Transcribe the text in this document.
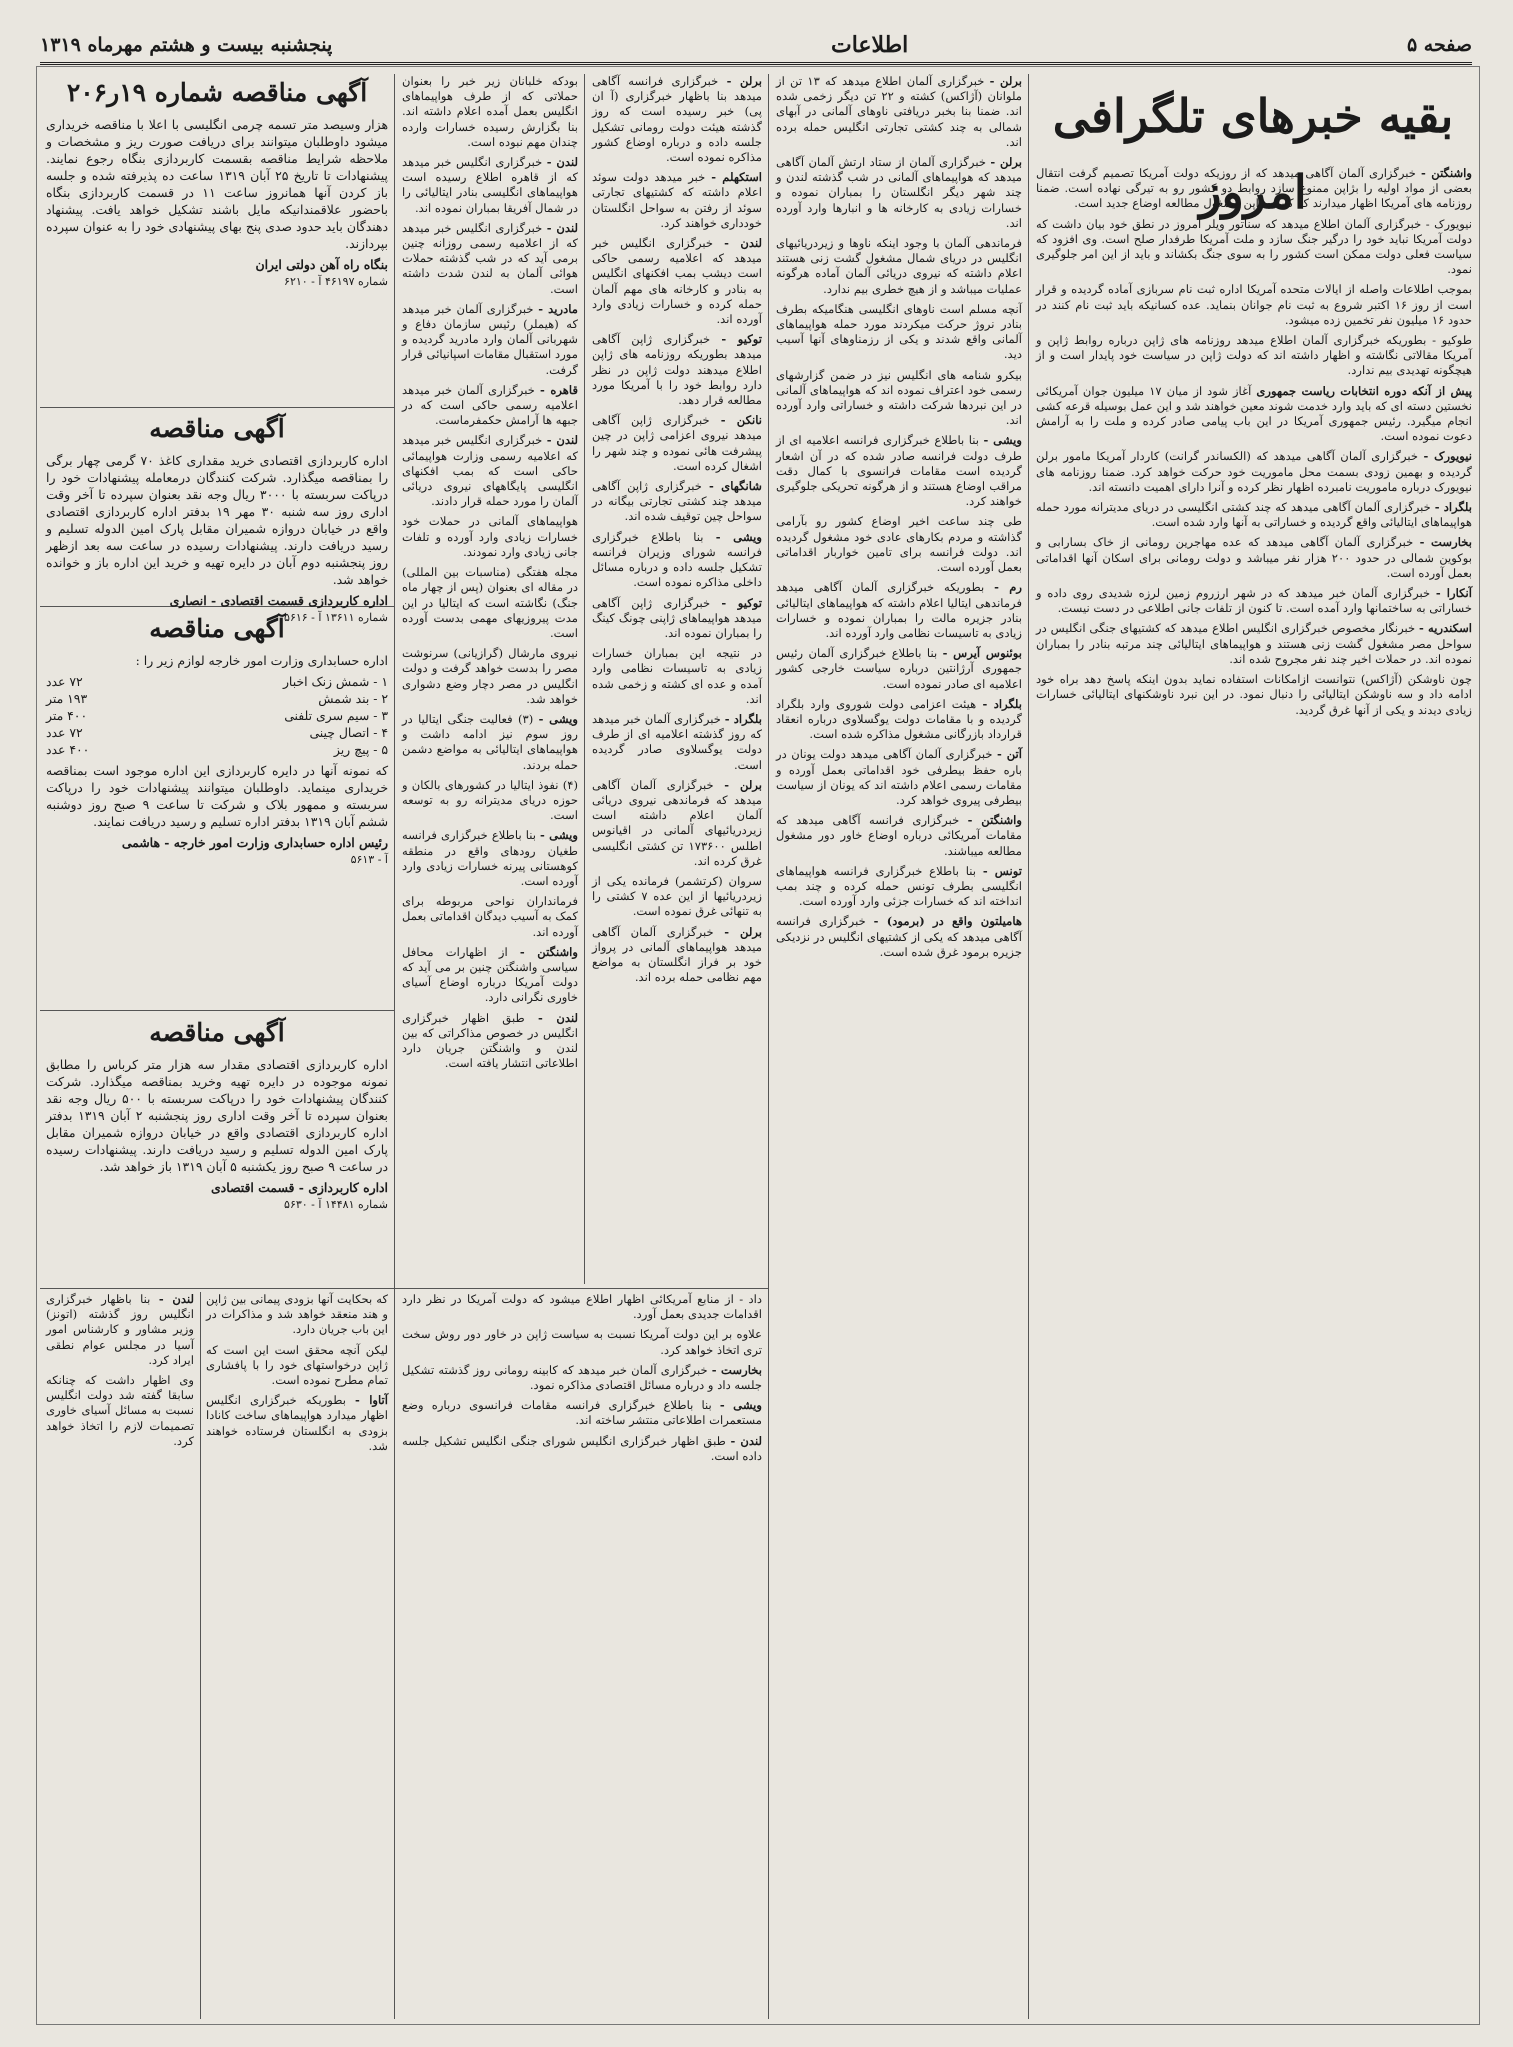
صفحه ۵
اطلاعات
پنجشنبه بیست و هشتم مهرماه ۱۳۱۹
بقیه خبرهای تلگرافی امروز	واشنگتن - خبرگزاری آلمان آگاهی میدهد که از روزیکه دولت آمریکا تصمیم گرفت انتقال بعضی از مواد اولیه را بژاپن ممنوع سازد روابط دو کشور رو به تیرگی نهاده است. ضمنا روزنامه های آمریکا اظهار میدارند که کابینه ژاپن مشغول مطالعه اوضاع جدید است.

نیویورک - خبرگزاری آلمان اطلاع میدهد که سناتور ویلر امروز در نطق خود بیان داشت که دولت آمریکا نباید خود را درگیر جنگ سازد و ملت آمریکا طرفدار صلح است. وی افزود که سیاست فعلی دولت ممکن است کشور را به سوی جنگ بکشاند و باید از این امر جلوگیری نمود.

بموجب اطلاعات واصله از ایالات متحده آمریکا اداره ثبت نام سربازی آماده گردیده و قرار است از روز ۱۶ اکتبر شروع به ثبت نام جوانان بنماید. عده کسانیکه باید ثبت نام کنند در حدود ۱۶ میلیون نفر تخمین زده میشود.

طوکیو - بطوریکه خبرگزاری آلمان اطلاع میدهد روزنامه های ژاپن درباره روابط ژاپن و آمریکا مقالاتی نگاشته و اظهار داشته اند که دولت ژاپن در سیاست خود پایدار است و از هیچگونه تهدیدی بیم ندارد.

پیش از آنکه دوره انتخابات ریاست جمهوری آغاز شود از میان ۱۷ میلیون جوان آمریکائی نخستین دسته ای که باید وارد خدمت شوند معین خواهند شد و این عمل بوسیله قرعه کشی انجام میگیرد. رئیس جمهوری آمریکا در این باب پیامی صادر کرده و ملت را به آرامش دعوت نموده است.

نیویورک - خبرگزاری آلمان آگاهی میدهد که (الکساندر گرانت) کاردار آمریکا مامور برلن گردیده و بهمین زودی بسمت محل ماموریت خود حرکت خواهد کرد. ضمنا روزنامه های نیویورک درباره ماموریت نامبرده اظهار نظر کرده و آنرا دارای اهمیت دانسته اند.

بلگراد - خبرگزاری آلمان آگاهی میدهد که چند کشتی انگلیسی در دریای مدیترانه مورد حمله هواپیماهای ایتالیائی واقع گردیده و خساراتی به آنها وارد شده است.

بخارست - خبرگزاری آلمان آگاهی میدهد که عده مهاجرین رومانی از خاک بسارابی و بوکوین شمالی در حدود ۲۰۰ هزار نفر میباشد و دولت رومانی برای اسکان آنها اقداماتی بعمل آورده است.

آنکارا - خبرگزاری آلمان خبر میدهد که در شهر ارزروم زمین لرزه شدیدی روی داده و خساراتی به ساختمانها وارد آمده است. تا کنون از تلفات جانی اطلاعی در دست نیست.

اسکندریه - خبرنگار مخصوص خبرگزاری انگلیس اطلاع میدهد که کشتیهای جنگی انگلیس در سواحل مصر مشغول گشت زنی هستند و هواپیماهای ایتالیائی چند مرتبه بنادر را بمباران نموده اند. در حملات اخیر چند نفر مجروح شده اند.

چون ناوشکن (آژاکس) نتوانست ازامکانات استفاده نماید بدون اینکه پاسخ دهد براه خود ادامه داد و سه ناوشکن ایتالیائی را دنبال نمود. در این نبرد ناوشکنهای ایتالیائی خسارات زیادی دیدند و یکی از آنها غرق گردید.

برلن - خبرگزاری آلمان اطلاع میدهد که ۱۳ تن از ملوانان (آژاکس) کشته و ۲۲ تن دیگر زخمی شده اند. ضمنا بنا بخبر دریافتی ناوهای آلمانی در آبهای شمالی به چند کشتی تجارتی انگلیس حمله برده اند.

برلن - خبرگزاری آلمان از ستاد ارتش آلمان آگاهی میدهد که هواپیماهای آلمانی در شب گذشته لندن و چند شهر دیگر انگلستان را بمباران نموده و خسارات زیادی به کارخانه ها و انبارها وارد آورده اند.

فرماندهی آلمان با وجود اینکه ناوها و زیردریائیهای انگلیس در دریای شمال مشغول گشت زنی هستند اعلام داشته که نیروی دریائی آلمان آماده هرگونه عملیات میباشد و از هیچ خطری بیم ندارد.

آنچه مسلم است ناوهای انگلیسی هنگامیکه بطرف بنادر نروژ حرکت میکردند مورد حمله هواپیماهای آلمانی واقع شدند و یکی از رزمناوهای آنها آسیب دید.

بیکرو شنامه های انگلیس نیز در ضمن گزارشهای رسمی خود اعتراف نموده اند که هواپیماهای آلمانی در این نبردها شرکت داشته و خساراتی وارد آورده اند.

ویشی - بنا باطلاع خبرگزاری فرانسه اعلامیه ای از طرف دولت فرانسه صادر شده که در آن اشعار گردیده است مقامات فرانسوی با کمال دقت مراقب اوضاع هستند و از هرگونه تحریکی جلوگیری خواهند کرد.

طی چند ساعت اخیر اوضاع کشور رو بآرامی گذاشته و مردم بکارهای عادی خود مشغول گردیده اند. دولت فرانسه برای تامین خواربار اقداماتی بعمل آورده است.

رم - بطوریکه خبرگزاری آلمان آگاهی میدهد فرماندهی ایتالیا اعلام داشته که هواپیماهای ایتالیائی بنادر جزیره مالت را بمباران نموده و خسارات زیادی به تاسیسات نظامی وارد آورده اند.

بوئنوس آیرس - بنا باطلاع خبرگزاری آلمان رئیس جمهوری آرژانتین درباره سیاست خارجی کشور اعلامیه ای صادر نموده است.

بلگراد - هیئت اعزامی دولت شوروی وارد بلگراد گردیده و با مقامات دولت یوگسلاوی درباره انعقاد قرارداد بازرگانی مشغول مذاکره شده است.

آتن - خبرگزاری آلمان آگاهی میدهد دولت یونان در باره حفظ بیطرفی خود اقداماتی بعمل آورده و مقامات رسمی اعلام داشته اند که یونان از سیاست بیطرفی پیروی خواهد کرد.

واشنگتن - خبرگزاری فرانسه آگاهی میدهد که مقامات آمریکائی درباره اوضاع خاور دور مشغول مطالعه میباشند.

تونس - بنا باطلاع خبرگزاری فرانسه هواپیماهای انگلیسی بطرف تونس حمله کرده و چند بمب انداخته اند که خسارات جزئی وارد آورده است.

هامیلتون واقع در (برمود) - خبرگزاری فرانسه آگاهی میدهد که یکی از کشتیهای انگلیس در نزدیکی جزیره برمود غرق شده است.

برلن - خبرگزاری فرانسه آگاهی میدهد بنا باظهار خبرگزاری (آ ان پی) خبر رسیده است که روز گذشته هیئت دولت رومانی تشکیل جلسه داده و درباره اوضاع کشور مذاکره نموده است.

استکهلم - خبر میدهد دولت سوئد اعلام داشته که کشتیهای تجارتی سوئد از رفتن به سواحل انگلستان خودداری خواهند کرد.

لندن - خبرگزاری انگلیس خبر میدهد که اعلامیه رسمی حاکی است دیشب بمب افکنهای انگلیس به بنادر و کارخانه های مهم آلمان حمله کرده و خسارات زیادی وارد آورده اند.

توکیو - خبرگزاری ژاپن آگاهی میدهد بطوریکه روزنامه های ژاپن اطلاع میدهند دولت ژاپن در نظر دارد روابط خود را با آمریکا مورد مطالعه قرار دهد.

نانکن - خبرگزاری ژاپن آگاهی میدهد نیروی اعزامی ژاپن در چین پیشرفت هائی نموده و چند شهر را اشغال کرده است.

شانگهای - خبرگزاری ژاپن آگاهی میدهد چند کشتی تجارتی بیگانه در سواحل چین توقیف شده اند.

ویشی - بنا باطلاع خبرگزاری فرانسه شورای وزیران فرانسه تشکیل جلسه داده و درباره مسائل داخلی مذاکره نموده است.

توکیو - خبرگزاری ژاپن آگاهی میدهد هواپیماهای ژاپنی چونگ کینگ را بمباران نموده اند.

در نتیجه این بمباران خسارات زیادی به تاسیسات نظامی وارد آمده و عده ای کشته و زخمی شده اند.

بلگراد - خبرگزاری آلمان خبر میدهد که روز گذشته اعلامیه ای از طرف دولت یوگسلاوی صادر گردیده است.

برلن - خبرگزاری آلمان آگاهی میدهد که فرماندهی نیروی دریائی آلمان اعلام داشته است زیردریائیهای آلمانی در اقیانوس اطلس ۱۷۳۶۰۰ تن کشتی انگلیسی غرق کرده اند.

سروان (کرتشمر) فرمانده یکی از زیردریائیها از این عده ۷ کشتی را به تنهائی غرق نموده است.

برلن - خبرگزاری آلمان آگاهی میدهد هواپیماهای آلمانی در پرواز خود بر فراز انگلستان به مواضع مهم نظامی حمله برده اند.

بودکه خلبانان زیر خبر را بعنوان حملاتی که از طرف هواپیماهای انگلیس بعمل آمده اعلام داشته اند. بنا بگزارش رسیده خسارات وارده چندان مهم نبوده است.

لندن - خبرگزاری انگلیس خبر میدهد که از قاهره اطلاع رسیده است هواپیماهای انگلیسی بنادر ایتالیائی را در شمال آفریقا بمباران نموده اند.

لندن - خبرگزاری انگلیس خبر میدهد که از اعلامیه رسمی روزانه چنین برمی آید که در شب گذشته حملات هوائی آلمان به لندن شدت داشته است.

مادرید - خبرگزاری آلمان خبر میدهد که (هیملر) رئیس سازمان دفاع و شهربانی آلمان وارد مادرید گردیده و مورد استقبال مقامات اسپانیائی قرار گرفت.

قاهره - خبرگزاری آلمان خبر میدهد اعلامیه رسمی حاکی است که در جبهه ها آرامش حکمفرماست.

لندن - خبرگزاری انگلیس خبر میدهد که اعلامیه رسمی وزارت هواپیمائی حاکی است که بمب افکنهای انگلیسی پایگاههای نیروی دریائی آلمان را مورد حمله قرار دادند.

هواپیماهای آلمانی در حملات خود خسارات زیادی وارد آورده و تلفات جانی زیادی وارد نمودند.

مجله هفتگی (مناسبات بین المللی) در مقاله ای بعنوان (پس از چهار ماه جنگ) نگاشته است که ایتالیا در این مدت پیروزیهای مهمی بدست آورده است.

نیروی مارشال (گرازیانی) سرنوشت مصر را بدست خواهد گرفت و دولت انگلیس در مصر دچار وضع دشواری خواهد شد.

ویشی - (۳) فعالیت جنگی ایتالیا در روز سوم نیز ادامه داشت و هواپیماهای ایتالیائی به مواضع دشمن حمله بردند.

(۴) نفوذ ایتالیا در کشورهای بالکان و حوزه دریای مدیترانه رو به توسعه است.

ویشی - بنا باطلاع خبرگزاری فرانسه طغیان رودهای واقع در منطقه کوهستانی پیرنه خسارات زیادی وارد آورده است.

فرمانداران نواحی مربوطه برای کمک به آسیب دیدگان اقداماتی بعمل آورده اند.

واشنگتن - از اظهارات محافل سیاسی واشنگتن چنین بر می آید که دولت آمریکا درباره اوضاع آسیای خاوری نگرانی دارد.

لندن - طبق اظهار خبرگزاری انگلیس در خصوص مذاکراتی که بین لندن و واشنگتن جریان دارد اطلاعاتی انتشار یافته است.

داد - از منابع آمریکائی اظهار اطلاع میشود که دولت آمریکا در نظر دارد اقدامات جدیدی بعمل آورد.

علاوه بر این دولت آمریکا نسبت به سیاست ژاپن در خاور دور روش سخت تری اتخاذ خواهد کرد.

بخارست - خبرگزاری آلمان خبر میدهد که کابینه رومانی روز گذشته تشکیل جلسه داد و درباره مسائل اقتصادی مذاکره نمود.

ویشی - بنا باطلاع خبرگزاری فرانسه مقامات فرانسوی درباره وضع مستعمرات اطلاعاتی منتشر ساخته اند.

لندن - طبق اظهار خبرگزاری انگلیس شورای جنگی انگلیس تشکیل جلسه داده است.

آگهی مناقصه شماره ۱۹ر۲۰۶
هزار وسیصد متر تسمه چرمی انگلیسی با اعلا با مناقصه خریداری میشود داوطلبان میتوانند برای دریافت صورت ریز و مشخصات و ملاحظه شرایط مناقصه بقسمت کاربردازی بنگاه رجوع نمایند. پیشنهادات تا تاریخ ۲۵ آبان ۱۳۱۹ ساعت ده پذیرفته شده و جلسه باز کردن آنها همانروز ساعت ۱۱ در قسمت کاربردازی بنگاه باحضور علاقمندانیکه مایل باشند تشکیل خواهد یافت. پیشنهاد دهندگان باید حدود صدی پنج بهای پیشنهادی خود را به عنوان سپرده بپردازند.
بنگاه راه آهن دولتی ایران
شماره ۴۶۱۹۷ آ - ۶۲۱۰
آگهی مناقصه
اداره کاربردازی اقتصادی خرید مقداری کاغذ ۷۰ گرمی چهار برگی را بمناقصه میگذارد. شرکت کنندگان درمعامله پیشنهادات خود را درپاکت سربسته با ۳۰۰۰ ریال وجه نقد بعنوان سپرده تا آخر وقت اداری روز سه شنبه ۳۰ مهر ۱۹ بدفتر اداره کاربردازی اقتصادی واقع در خیابان دروازه شمیران مقابل پارک امین الدوله تسلیم و رسید دریافت دارند. پیشنهادات رسیده در ساعت سه بعد ازظهر روز پنجشنبه دوم آبان در دایره تهیه و خرید این اداره باز و خوانده خواهد شد.
اداره کاربردازی قسمت اقتصادی - انصاری
شماره ۱۳۶۱۱ آ - ۵۶۱۶
آگهی مناقصه
اداره حسابداری وزارت امور خارجه لوازم زیر را :
۱ - شمش زنک اخبار
۷۲ عدد
۲ - بند شمش
۱۹۳ متر
۳ - سیم سری تلفنی
۴۰۰ متر
۴ - اتصال چینی
۷۲ عدد
۵ - پیچ ریز
۴۰۰ عدد
که نمونه آنها در دایره کاربردازی این اداره موجود است بمناقصه خریداری مینماید. داوطلبان میتوانند پیشنهادات خود را درپاکت سربسته و ممهور بلاک و شرکت تا ساعت ۹ صبح روز دوشنبه ششم آبان ۱۳۱۹ بدفتر اداره تسلیم و رسید دریافت نمایند.
رئیس اداره حسابداری وزارت امور خارجه - هاشمی
آ - ۵۶۱۳
آگهی مناقصه
اداره کاربردازی اقتصادی مقدار سه هزار متر کرباس را مطابق نمونه موجوده در دایره تهیه وخرید بمناقصه میگذارد. شرکت کنندگان پیشنهادات خود را درپاکت سربسته با ۵۰۰ ریال وجه نقد بعنوان سپرده تا آخر وقت اداری روز پنجشنبه ۲ آبان ۱۳۱۹ بدفتر اداره کاربردازی اقتصادی واقع در خیابان دروازه شمیران مقابل پارک امین الدوله تسلیم و رسید دریافت دارند. پیشنهادات رسیده در ساعت ۹ صبح روز یکشنبه ۵ آبان ۱۳۱۹ باز خواهد شد.
اداره کاربردازی - قسمت اقتصادی
شماره ۱۴۴۸۱ آ - ۵۶۳۰

که بحکایت آنها بزودی پیمانی بین ژاپن و هند منعقد خواهد شد و مذاکرات در این باب جریان دارد.

لیکن آنچه محقق است این است که ژاپن درخواستهای خود را با پافشاری تمام مطرح نموده است.

آتاوا - بطوریکه خبرگزاری انگلیس اظهار میدارد هواپیماهای ساخت کانادا بزودی به انگلستان فرستاده خواهند شد.

لندن - بنا باظهار خبرگزاری انگلیس روز گذشته (اتونز) وزیر مشاور و کارشناس امور آسیا در مجلس عوام نطقی ایراد کرد.

وی اظهار داشت که چنانکه سابقا گفته شد دولت انگلیس نسبت به مسائل آسیای خاوری تصمیمات لازم را اتخاذ خواهد کرد.
